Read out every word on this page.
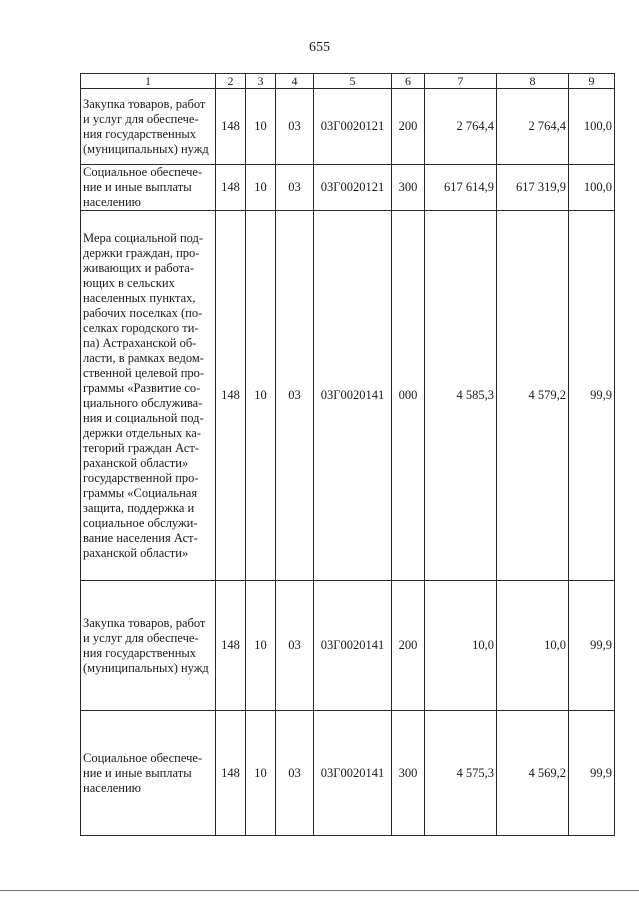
655
1	2	3	4	5	6	7	8	9
Закупка товаров, работ и услуг для обеспече-ния государственных (муниципальных) нужд	148	10	03	03Г0020121	200	2 764,4	2 764,4	100,0
Социальное обеспече-ние и иные выплаты населению	148	10	03	03Г0020121	300	617 614,9	617 319,9	100,0
Мера социальной под-держки граждан, про-живающих и работа-ющих в сельских населенных пунктах, рабочих поселках (по-селках городского ти-па) Астраханской об-ласти, в рамках ведом-ственной целевой про-граммы «Развитие со-циального обслужива-ния и социальной под-держки отдельных ка-тегорий граждан Аст-раханской области» государственной про-граммы «Социальная защита, поддержка и социальное обслужи-вание населения Аст-раханской области»	148	10	03	03Г0020141	000	4 585,3	4 579,2	99,9
Закупка товаров, работ и услуг для обеспече-ния государственных (муниципальных) нужд	148	10	03	03Г0020141	200	10,0	10,0	99,9
Социальное обеспече-ние и иные выплаты населению	148	10	03	03Г0020141	300	4 575,3	4 569,2	99,9
